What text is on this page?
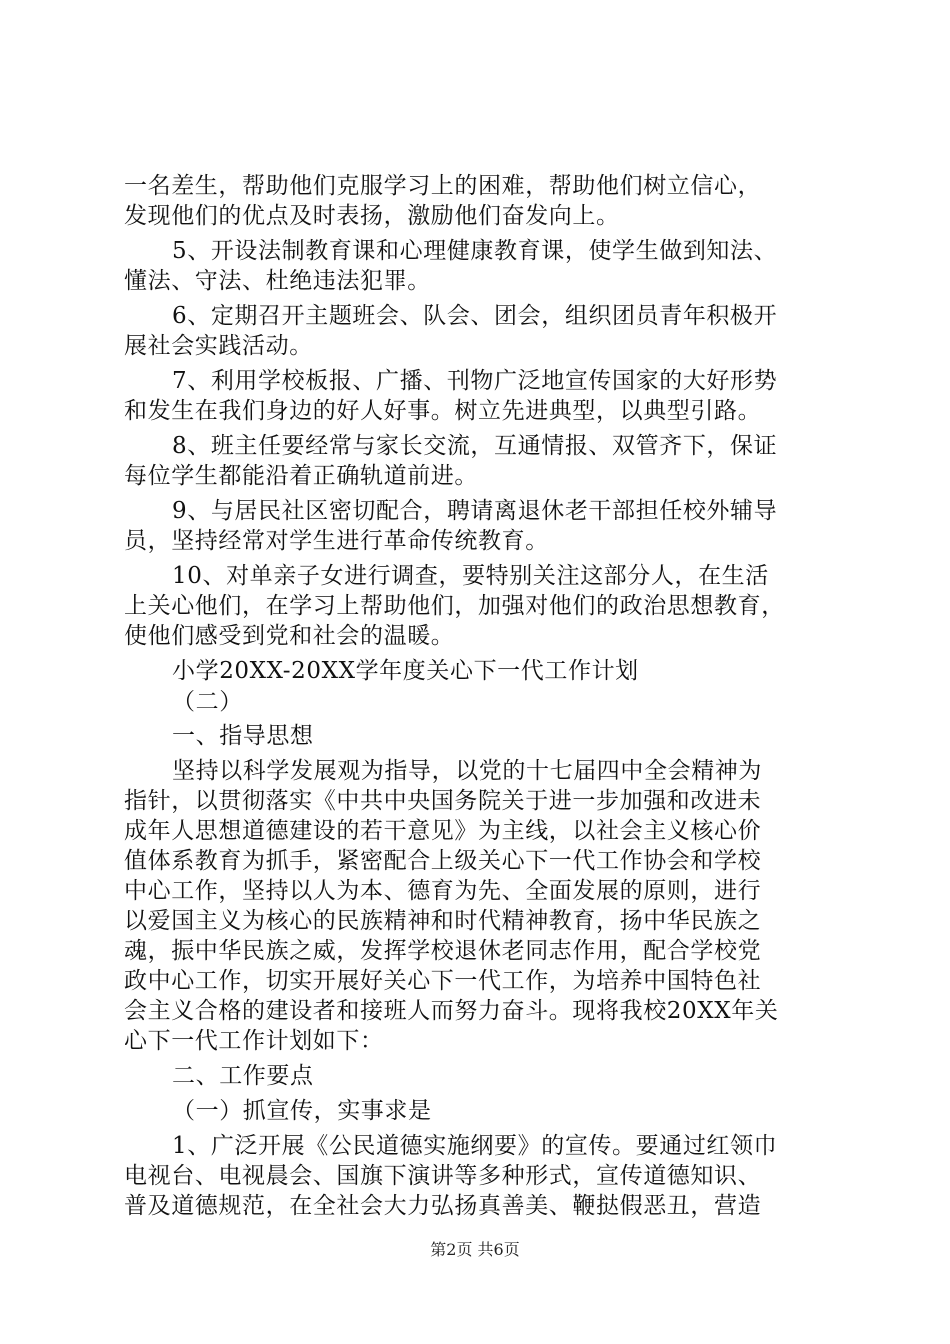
一名差生，帮助他们克服学习上的困难，帮助他们树立信心，
发现他们的优点及时表扬，激励他们奋发向上。
5、开设法制教育课和心理健康教育课，使学生做到知法、
懂法、守法、杜绝违法犯罪。
6、定期召开主题班会、队会、团会，组织团员青年积极开
展社会实践活动。
7、利用学校板报、广播、刊物广泛地宣传国家的大好形势
和发生在我们身边的好人好事。树立先进典型，以典型引路。
8、班主任要经常与家长交流，互通情报、双管齐下，保证
每位学生都能沿着正确轨道前进。
9、与居民社区密切配合，聘请离退休老干部担任校外辅导
员，坚持经常对学生进行革命传统教育。
10、对单亲子女进行调查，要特别关注这部分人，在生活
上关心他们，在学习上帮助他们，加强对他们的政治思想教育，
使他们感受到党和社会的温暖。
小学20XX-20XX学年度关心下一代工作计划
（二）
一、指导思想
坚持以科学发展观为指导，以党的十七届四中全会精神为
指针，以贯彻落实《中共中央国务院关于进一步加强和改进未
成年人思想道德建设的若干意见》为主线，以社会主义核心价
值体系教育为抓手，紧密配合上级关心下一代工作协会和学校
中心工作，坚持以人为本、德育为先、全面发展的原则，进行
以爱国主义为核心的民族精神和时代精神教育，扬中华民族之
魂，振中华民族之威，发挥学校退休老同志作用，配合学校党
政中心工作，切实开展好关心下一代工作，为培养中国特色社
会主义合格的建设者和接班人而努力奋斗。现将我校20XX年关
心下一代工作计划如下：
二、工作要点
（一）抓宣传，实事求是
1、广泛开展《公民道德实施纲要》的宣传。要通过红领巾
电视台、电视晨会、国旗下演讲等多种形式，宣传道德知识、
普及道德规范，在全社会大力弘扬真善美、鞭挞假恶丑，营造
第2页 共6页
